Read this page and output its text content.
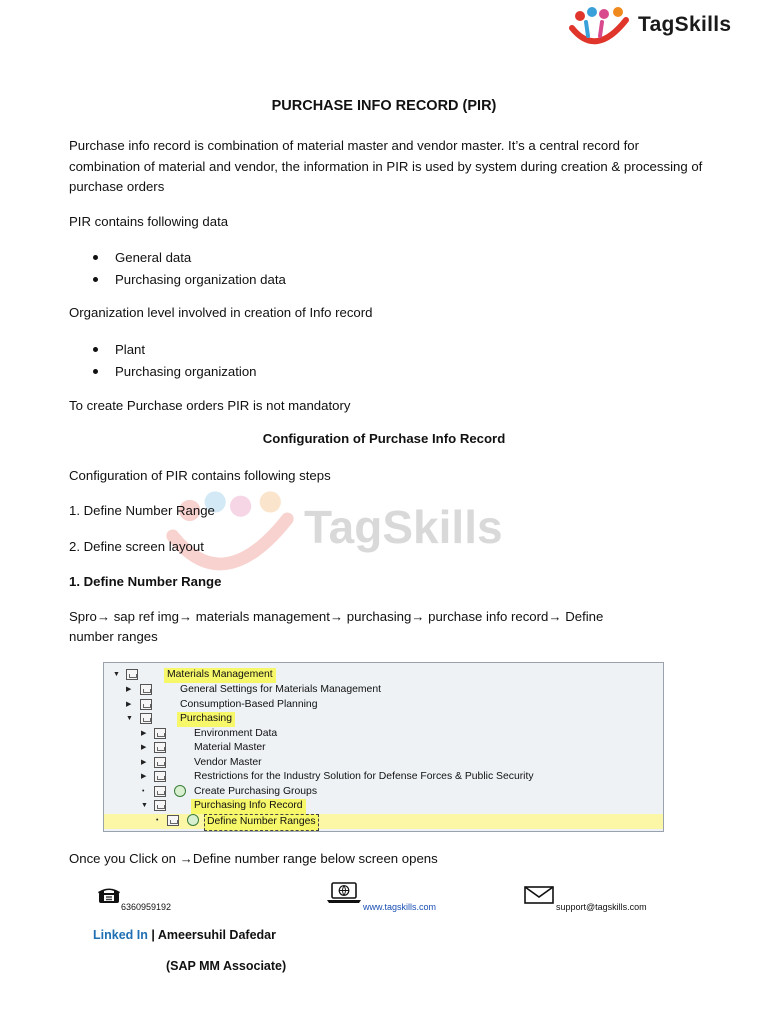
TagSkills
TagSkills
PURCHASE INFO RECORD (PIR)
Purchase info record is combination of material master and vendor master. It’s a central record for combination of material and vendor, the information in PIR is used by system during creation & processing of purchase orders
PIR contains following data
General data
Purchasing organization data
Organization level involved in creation of Info record
Plant
Purchasing organization
To create Purchase orders PIR is not mandatory
Configuration of Purchase Info Record
Configuration of PIR contains following steps
1. Define Number Range
2. Define screen layout
1. Define Number Range
Spro→ sap ref img→ materials management→ purchasing→ purchase info record→ Define
number ranges
▼	Materials Management
▶	General Settings for Materials Management
▶	Consumption-Based Planning
▼	Purchasing
▶	Environment Data
▶	Material Master
▶	Vendor Master
▶	Restrictions for the Industry Solution for Defense Forces & Public Security
•	Create Purchasing Groups
▼	Purchasing Info Record
•	Define Number Ranges
Once you Click on →Define number range below screen opens
6360959192	www.tagskills.com	support@tagskills.com
Linked In | Ameersuhil Dafedar
(SAP MM Associate)
